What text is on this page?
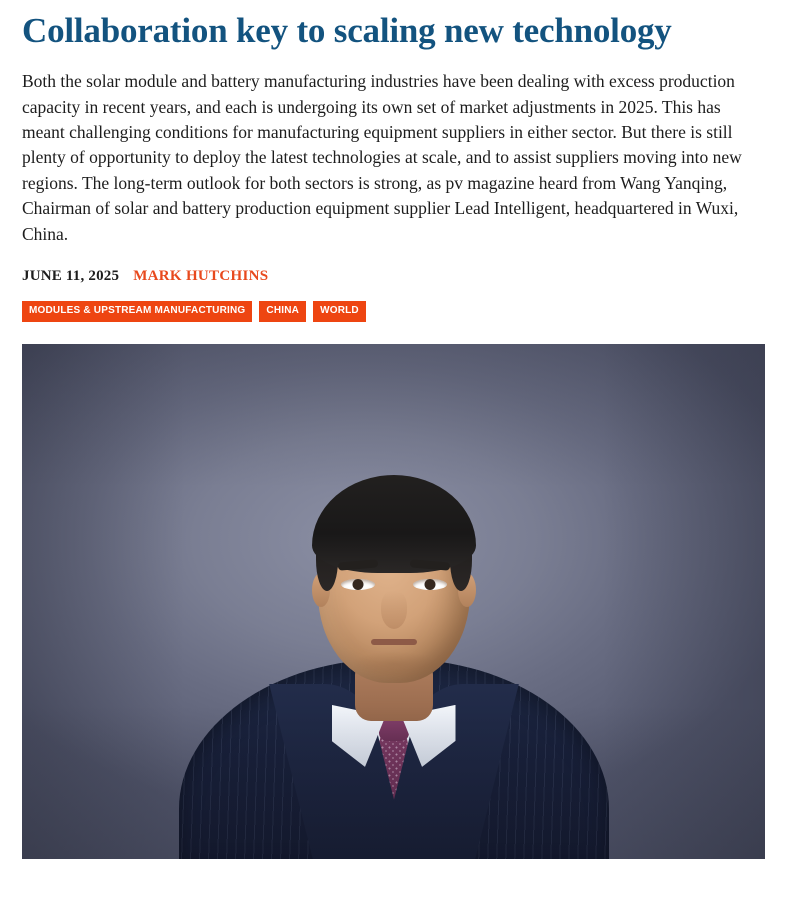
Collaboration key to scaling new technology

Both the solar module and battery manufacturing industries have been dealing with excess production capacity in recent years, and each is undergoing its own set of market adjustments in 2025. This has meant challenging conditions for manufacturing equipment suppliers in either sector. But there is still plenty of opportunity to deploy the latest technologies at scale, and to assist suppliers moving into new regions. The long-term outlook for both sectors is strong, as pv magazine heard from Wang Yanqing, Chairman of solar and battery production equipment supplier Lead Intelligent, headquartered in Wuxi, China.

JUNE 11, 2025 MARK HUTCHINS
MODULES & UPSTREAM MANUFACTURING	CHINA	WORLD
